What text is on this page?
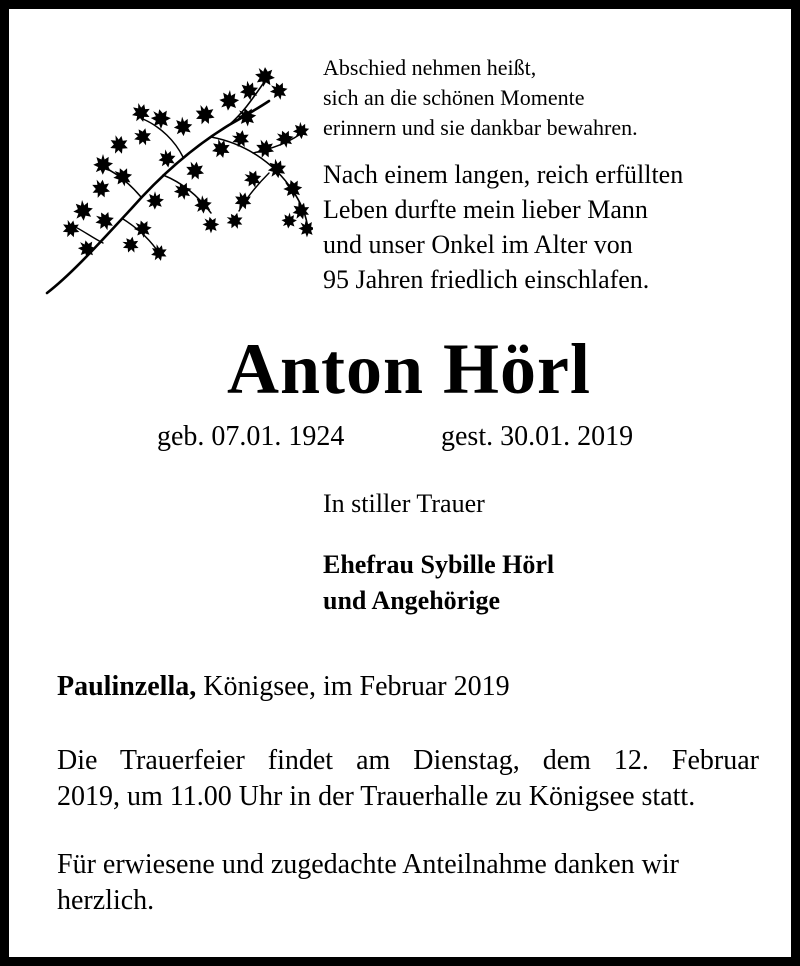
Abschied nehmen heißt,
sich an die schönen Momente
erinnern und sie dankbar bewahren.

Nach einem langen, reich erfüllten
Leben durfte mein lieber Mann
und unser Onkel im Alter von
95 Jahren friedlich einschlafen.

Anton Hörl
geb. 07.01. 1924	gest. 30.01. 2019
In stiller Trauer
Ehefrau Sybille Hörl
und Angehörige
Paulinzella, Königsee, im Februar 2019
Die Trauerfeier findet am Dienstag, dem 12. Februar
2019, um 11.00 Uhr in der Trauerhalle zu Königsee statt.
Für erwiesene und zugedachte Anteilnahme danken wir
herzlich.
